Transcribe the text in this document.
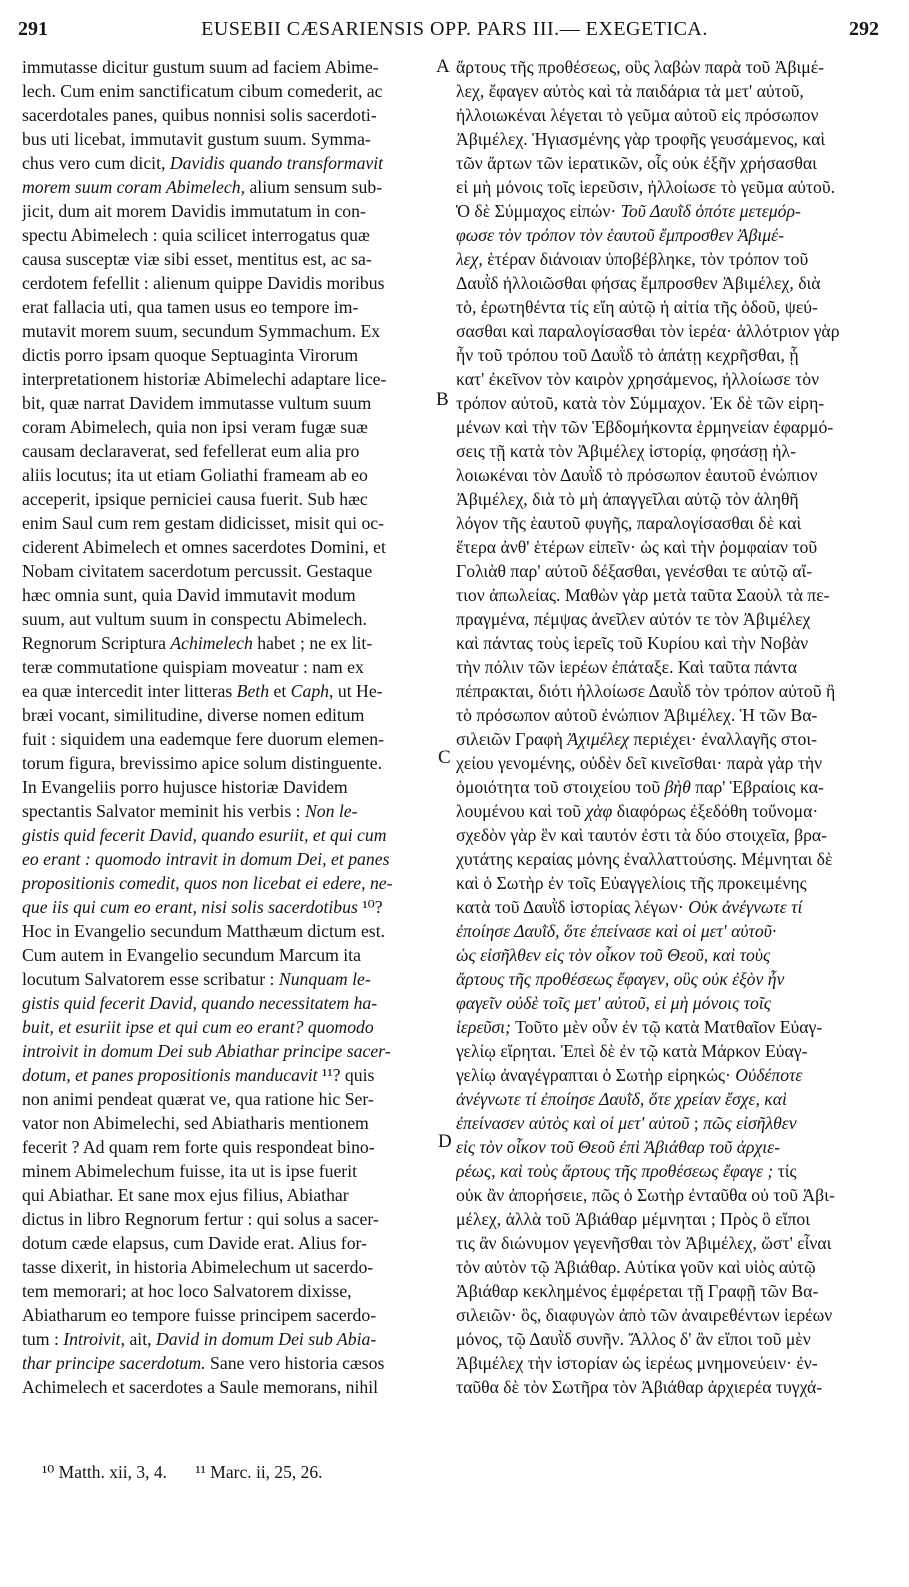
291	EUSEBII CÆSARIENSIS OPP. PARS III.— EXEGETICA.	292
immutasse dicitur gustum suum ad faciem Abime-
lech. Cum enim sanctificatum cibum comederit, ac
sacerdotales panes, quibus nonnisi solis sacerdoti-
bus uti licebat, immutavit gustum suum. Symma-
chus vero cum dicit, Davidis quando transformavit
morem suum coram Abimelech, alium sensum sub-
jicit, dum ait morem Davidis immutatum in con-
spectu Abimelech : quia scilicet interrogatus quæ
causa susceptæ viæ sibi esset, mentitus est, ac sa-
cerdotem fefellit : alienum quippe Davidis moribus
erat fallacia uti, qua tamen usus eo tempore im-
mutavit morem suum, secundum Symmachum. Ex
dictis porro ipsam quoque Septuaginta Virorum
interpretationem historiæ Abimelechi adaptare lice-
bit, quæ narrat Davidem immutasse vultum suum
coram Abimelech, quia non ipsi veram fugæ suæ
causam declaraverat, sed fefellerat eum alia pro
aliis locutus; ita ut etiam Goliathi frameam ab eo
acceperit, ipsique perniciei causa fuerit. Sub hæc
enim Saul cum rem gestam didicisset, misit qui oc-
ciderent Abimelech et omnes sacerdotes Domini, et
Nobam civitatem sacerdotum percussit. Gestaque
hæc omnia sunt, quia David immutavit modum
suum, aut vultum suum in conspectu Abimelech.
Regnorum Scriptura Achimelech habet ; ne ex lit-
teræ commutatione quispiam moveatur : nam ex
ea quæ intercedit inter litteras Beth et Caph, ut He-
bræi vocant, similitudine, diverse nomen editum
fuit : siquidem una eademque fere duorum elemen-
torum figura, brevissimo apice solum distinguente.
In Evangeliis porro hujusce historiæ Davidem
spectantis Salvator meminit his verbis : Non le-
gistis quid fecerit David, quando esuriit, et qui cum
eo erant : quomodo intravit in domum Dei, et panes
propositionis comedit, quos non licebat ei edere, ne-
que iis qui cum eo erant, nisi solis sacerdotibus ¹⁰?
Hoc in Evangelio secundum Matthæum dictum est.
Cum autem in Evangelio secundum Marcum ita
locutum Salvatorem esse scribatur : Nunquam le-
gistis quid fecerit David, quando necessitatem ha-
buit, et esuriit ipse et qui cum eo erant? quomodo
introivit in domum Dei sub Abiathar principe sacer-
dotum, et panes propositionis manducavit ¹¹? quis
non animi pendeat quærat ve, qua ratione hic Ser-
vator non Abimelechi, sed Abiatharis mentionem
fecerit ? Ad quam rem forte quis respondeat bino-
minem Abimelechum fuisse, ita ut is ipse fuerit
qui Abiathar. Et sane mox ejus filius, Abiathar
dictus in libro Regnorum fertur : qui solus a sacer-
dotum cæde elapsus, cum Davide erat. Alius for-
tasse dixerit, in historia Abimelechum ut sacerdo-
tem memorari; at hoc loco Salvatorem dixisse,
Abiatharum eo tempore fuisse principem sacerdo-
tum : Introivit, ait, David in domum Dei sub Abia-
thar principe sacerdotum. Sane vero historia cæsos
Achimelech et sacerdotes a Saule memorans, nihil
ἄρτους τῆς προθέσεως, οὓς λαβὼν παρὰ τοῦ Ἀβιμέ-
λεχ, ἔφαγεν αὐτὸς καὶ τὰ παιδάρια τὰ μετ' αὐτοῦ,
ἠλλοιωκέναι λέγεται τὸ γεῦμα αὐτοῦ εἰς πρόσωπον
Ἀβιμέλεχ. Ἡγιασμένης γὰρ τροφῆς γευσάμενος, καὶ
τῶν ἄρτων τῶν ἱερατικῶν, οἷς οὐκ ἐξῆν χρήσασθαι
εἰ μὴ μόνοις τοῖς ἱερεῦσιν, ἠλλοίωσε τὸ γεῦμα αὐτοῦ.
Ὁ δὲ Σύμμαχος εἰπών· Τοῦ Δαυῒδ ὁπότε μετεμόρ-
φωσε τὸν τρόπον τὸν ἑαυτοῦ ἔμπροσθεν Ἀβιμέ-
λεχ, ἑτέραν διάνοιαν ὑποβέβληκε, τὸν τρόπον τοῦ
Δαυῒδ ἠλλοιῶσθαι φήσας ἔμπροσθεν Ἀβιμέλεχ, διὰ
τὸ, ἐρωτηθέντα τίς εἴη αὐτῷ ἡ αἰτία τῆς ὁδοῦ, ψεύ-
σασθαι καὶ παραλογίσασθαι τὸν ἱερέα· ἀλλότριον γὰρ
ἦν τοῦ τρόπου τοῦ Δαυῒδ τὸ ἀπάτῃ κεχρῆσθαι, ᾗ
κατ' ἐκεῖνον τὸν καιρὸν χρησάμενος, ἠλλοίωσε τὸν
τρόπον αὐτοῦ, κατὰ τὸν Σύμμαχον. Ἐκ δὲ τῶν εἰρη-
μένων καὶ τὴν τῶν Ἑβδομήκοντα ἑρμηνείαν ἐφαρμό-
σεις τῇ κατὰ τὸν Ἀβιμέλεχ ἱστορίᾳ, φησάσῃ ἠλ-
λοιωκέναι τὸν Δαυῒδ τὸ πρόσωπον ἑαυτοῦ ἐνώπιον
Ἀβιμέλεχ, διὰ τὸ μὴ ἀπαγγεῖλαι αὐτῷ τὸν ἀληθῆ
λόγον τῆς ἑαυτοῦ φυγῆς, παραλογίσασθαι δὲ καὶ
ἕτερα ἀνθ' ἑτέρων εἰπεῖν· ὡς καὶ τὴν ῥομφαίαν τοῦ
Γολιὰθ παρ' αὐτοῦ δέξασθαι, γενέσθαι τε αὐτῷ αἴ-
τιον ἀπωλείας. Μαθὼν γὰρ μετὰ ταῦτα Σαοὺλ τὰ πε-
πραγμένα, πέμψας ἀνεῖλεν αὐτόν τε τὸν Ἀβιμέλεχ
καὶ πάντας τοὺς ἱερεῖς τοῦ Κυρίου καὶ τὴν Νοβὰν
τὴν πόλιν τῶν ἱερέων ἐπάταξε. Καὶ ταῦτα πάντα
πέπρακται, διότι ἠλλοίωσε Δαυῒδ τὸν τρόπον αὐτοῦ ἢ
τὸ πρόσωπον αὐτοῦ ἐνώπιον Ἀβιμέλεχ. Ἡ τῶν Βα-
σιλειῶν Γραφὴ Ἀχιμέλεχ περιέχει· ἐναλλαγῆς στοι-
χείου γενομένης, οὐδὲν δεῖ κινεῖσθαι· παρὰ γὰρ τὴν
ὁμοιότητα τοῦ στοιχείου τοῦ βὴθ παρ' Ἑβραίοις κα-
λουμένου καὶ τοῦ χὰφ διαφόρως ἐξεδόθη τοὔνομα·
σχεδὸν γὰρ ἓν καὶ ταυτόν ἐστι τὰ δύο στοιχεῖα, βρα-
χυτάτης κεραίας μόνης ἐναλλαττούσης. Μέμνηται δὲ
καὶ ὁ Σωτὴρ ἐν τοῖς Εὐαγγελίοις τῆς προκειμένης
κατὰ τοῦ Δαυῒδ ἱστορίας λέγων· Οὐκ ἀνέγνωτε τί
ἐποίησε Δαυῒδ, ὅτε ἐπείνασε καὶ οἱ μετ' αὐτοῦ·
ὡς εἰσῆλθεν εἰς τὸν οἶκον τοῦ Θεοῦ, καὶ τοὺς
ἄρτους τῆς προθέσεως ἔφαγεν, οὓς οὐκ ἐξὸν ἦν
φαγεῖν οὐδὲ τοῖς μετ' αὐτοῦ, εἰ μὴ μόνοις τοῖς
ἱερεῦσι; Τοῦτο μὲν οὖν ἐν τῷ κατὰ Ματθαῖον Εὐαγ-
γελίῳ εἴρηται. Ἐπεὶ δὲ ἐν τῷ κατὰ Μάρκον Εὐαγ-
γελίῳ ἀναγέγραπται ὁ Σωτὴρ εἰρηκώς· Οὐδέποτε
ἀνέγνωτε τί ἐποίησε Δαυῒδ, ὅτε χρείαν ἔσχε, καὶ
ἐπείνασεν αὐτὸς καὶ οἱ μετ' αὐτοῦ ; πῶς εἰσῆλθεν
εἰς τὸν οἶκον τοῦ Θεοῦ ἐπὶ Ἀβιάθαρ τοῦ ἀρχιε-
ρέως, καὶ τοὺς ἄρτους τῆς προθέσεως ἔφαγε ; τίς
οὐκ ἂν ἀπορήσειε, πῶς ὁ Σωτὴρ ἐνταῦθα οὐ τοῦ Ἀβι-
μέλεχ, ἀλλὰ τοῦ Ἀβιάθαρ μέμνηται ; Πρὸς ὃ εἴποι
τις ἂν διώνυμον γεγενῆσθαι τὸν Ἀβιμέλεχ, ὥστ' εἶναι
τὸν αὐτὸν τῷ Ἀβιάθαρ. Αὐτίκα γοῦν καὶ υἱὸς αὐτῷ
Ἀβιάθαρ κεκλημένος ἐμφέρεται τῇ Γραφῇ τῶν Βα-
σιλειῶν· ὃς, διαφυγὼν ἀπὸ τῶν ἀναιρεθέντων ἱερέων
μόνος, τῷ Δαυῒδ συνῆν. Ἄλλος δ' ἂν εἴποι τοῦ μὲν
Ἀβιμέλεχ τὴν ἱστορίαν ὡς ἱερέως μνημονεύειν· ἐν-
ταῦθα δὲ τὸν Σωτῆρα τὸν Ἀβιάθαρ ἀρχιερέα τυγχά-
A
B
C
D
¹⁰ Matth. xii, 3, 4. ¹¹ Marc. ii, 25, 26.
